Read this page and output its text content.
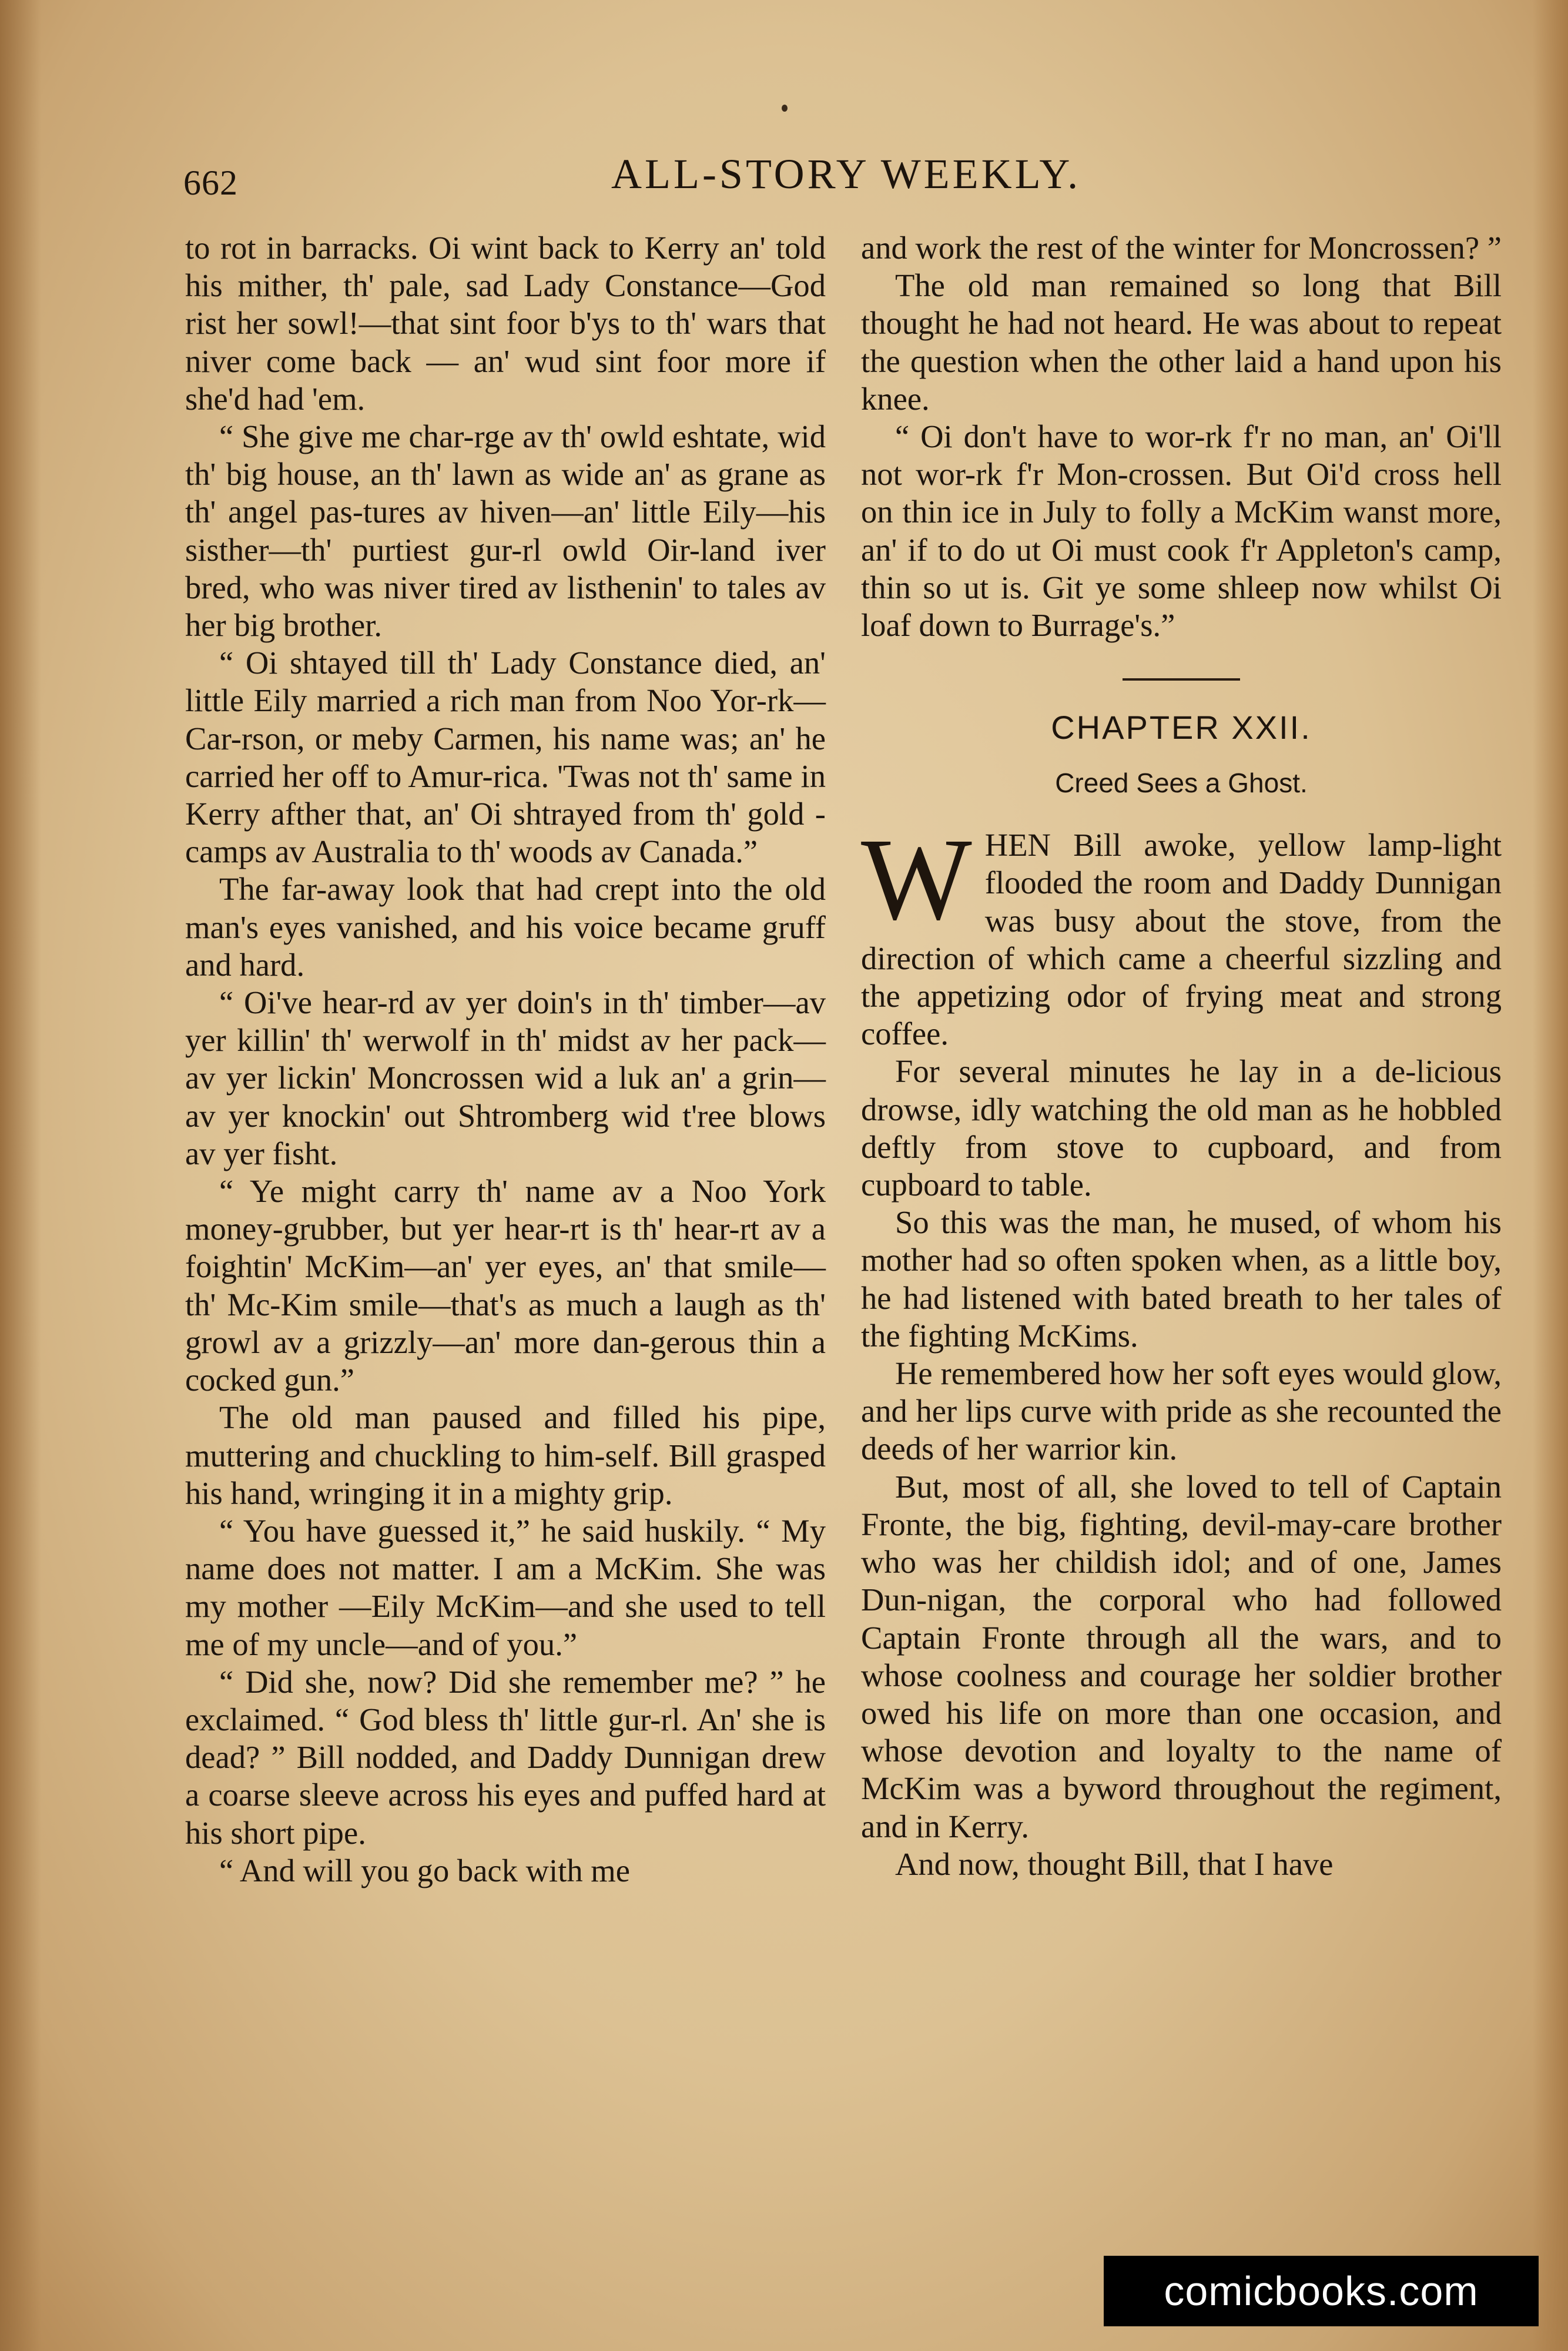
662	ALL-STORY WEEKLY.

to rot in barracks. Oi wint back to Kerry an' told his mither, th' pale, sad Lady Constance—God rist her sowl!—that sint foor b'ys to th' wars that niver come back — an' wud sint foor more if she'd had 'em.

“ She give me char-rge av th' owld eshtate, wid th' big house, an th' lawn as wide an' as grane as th' angel pas-tures av hiven—an' little Eily—his sisther—th' purtiest gur-rl owld Oir-land iver bred, who was niver tired av listhenin' to tales av her big brother.

“ Oi shtayed till th' Lady Constance died, an' little Eily married a rich man from Noo Yor-rk—Car-rson, or meby Carmen, his name was; an' he carried her off to Amur-rica. 'Twas not th' same in Kerry afther that, an' Oi shtrayed from th' gold - camps av Australia to th' woods av Canada.”

The far-away look that had crept into the old man's eyes vanished, and his voice became gruff and hard.

“ Oi've hear-rd av yer doin's in th' timber—av yer killin' th' werwolf in th' midst av her pack—av yer lickin' Moncrossen wid a luk an' a grin—av yer knockin' out Shtromberg wid t'ree blows av yer fisht.

“ Ye might carry th' name av a Noo York money-grubber, but yer hear-rt is th' hear-rt av a foightin' McKim—an' yer eyes, an' that smile—th' Mc-Kim smile—that's as much a laugh as th' growl av a grizzly—an' more dan-gerous thin a cocked gun.”

The old man paused and filled his pipe, muttering and chuckling to him-self. Bill grasped his hand, wringing it in a mighty grip.

“ You have guessed it,” he said huskily. “ My name does not matter. I am a McKim. She was my mother —Eily McKim—and she used to tell me of my uncle—and of you.”

“ Did she, now? Did she remember me? ” he exclaimed. “ God bless th' little gur-rl. An' she is dead? ” Bill nodded, and Daddy Dunnigan drew a coarse sleeve across his eyes and puffed hard at his short pipe.

“ And will you go back with me

and work the rest of the winter for Moncrossen? ”

The old man remained so long that Bill thought he had not heard. He was about to repeat the question when the other laid a hand upon his knee.

“ Oi don't have to wor-rk f'r no man, an' Oi'll not wor-rk f'r Mon-crossen. But Oi'd cross hell on thin ice in July to folly a McKim wanst more, an' if to do ut Oi must cook f'r Appleton's camp, thin so ut is. Git ye some shleep now whilst Oi loaf down to Burrage's.”

CHAPTER XXII.
Creed Sees a Ghost.

WHEN Bill awoke, yellow lamp-light flooded the room and Daddy Dunnigan was busy about the stove, from the direction of which came a cheerful sizzling and the appetizing odor of frying meat and strong coffee.

For several minutes he lay in a de-licious drowse, idly watching the old man as he hobbled deftly from stove to cupboard, and from cupboard to table.

So this was the man, he mused, of whom his mother had so often spoken when, as a little boy, he had listened with bated breath to her tales of the fighting McKims.

He remembered how her soft eyes would glow, and her lips curve with pride as she recounted the deeds of her warrior kin.

But, most of all, she loved to tell of Captain Fronte, the big, fighting, devil-may-care brother who was her childish idol; and of one, James Dun-nigan, the corporal who had followed Captain Fronte through all the wars, and to whose coolness and courage her soldier brother owed his life on more than one occasion, and whose devotion and loyalty to the name of McKim was a byword throughout the regiment, and in Kerry.

And now, thought Bill, that I have

comicbooks.com
